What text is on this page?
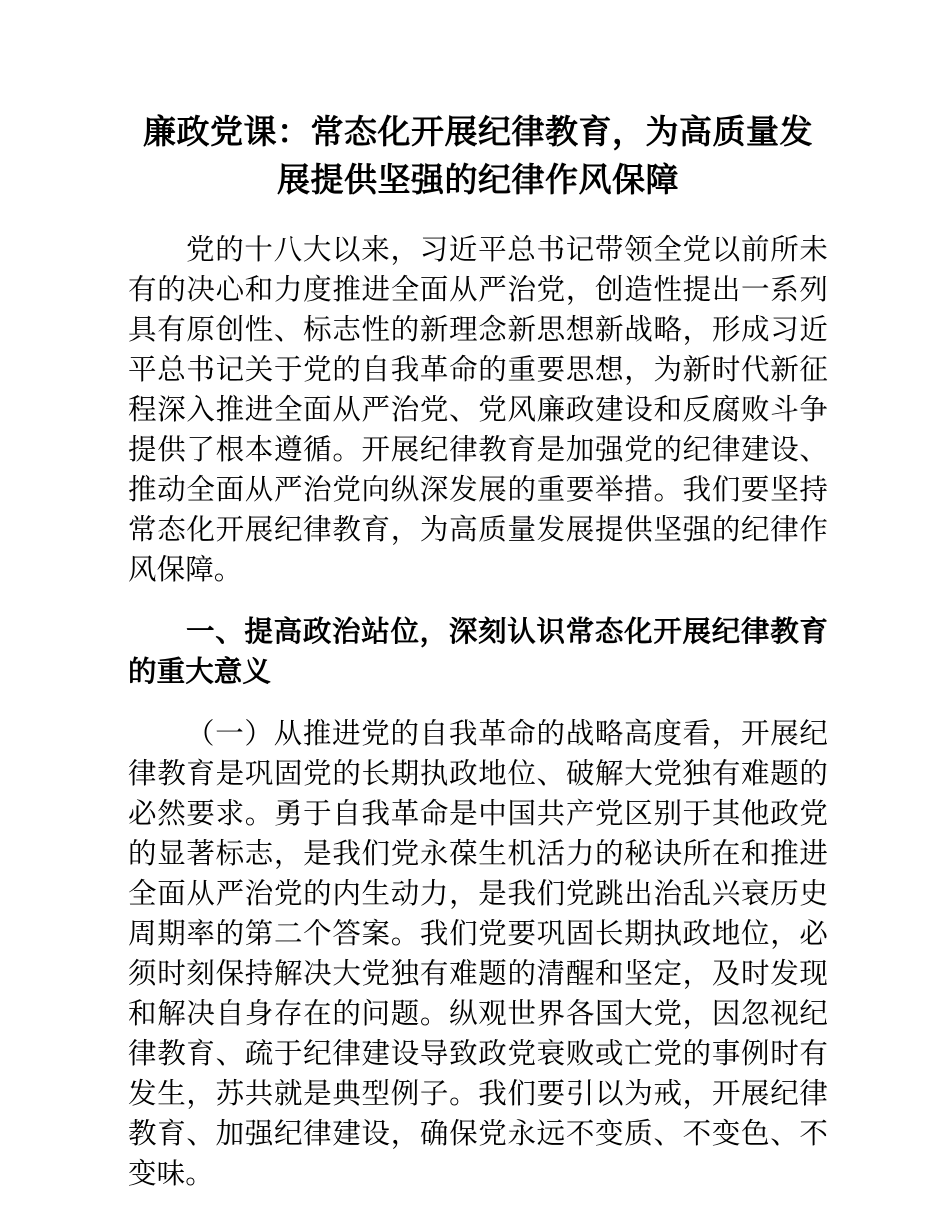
廉政党课：常态化开展纪律教育，为高质量发展提供坚强的纪律作风保障

党的十八大以来，习近平总书记带领全党以前所未有的决心和力度推进全面从严治党，创造性提出一系列具有原创性、标志性的新理念新思想新战略，形成习近平总书记关于党的自我革命的重要思想，为新时代新征程深入推进全面从严治党、党风廉政建设和反腐败斗争提供了根本遵循。开展纪律教育是加强党的纪律建设、推动全面从严治党向纵深发展的重要举措。我们要坚持常态化开展纪律教育，为高质量发展提供坚强的纪律作风保障。

一、提高政治站位，深刻认识常态化开展纪律教育的重大意义

（一）从推进党的自我革命的战略高度看，开展纪律教育是巩固党的长期执政地位、破解大党独有难题的必然要求。勇于自我革命是中国共产党区别于其他政党的显著标志，是我们党永葆生机活力的秘诀所在和推进全面从严治党的内生动力，是我们党跳出治乱兴衰历史周期率的第二个答案。我们党要巩固长期执政地位，必须时刻保持解决大党独有难题的清醒和坚定，及时发现和解决自身存在的问题。纵观世界各国大党，因忽视纪律教育、疏于纪律建设导致政党衰败或亡党的事例时有发生，苏共就是典型例子。我们要引以为戒，开展纪律教育、加强纪律建设，确保党永远不变质、不变色、不变味。
